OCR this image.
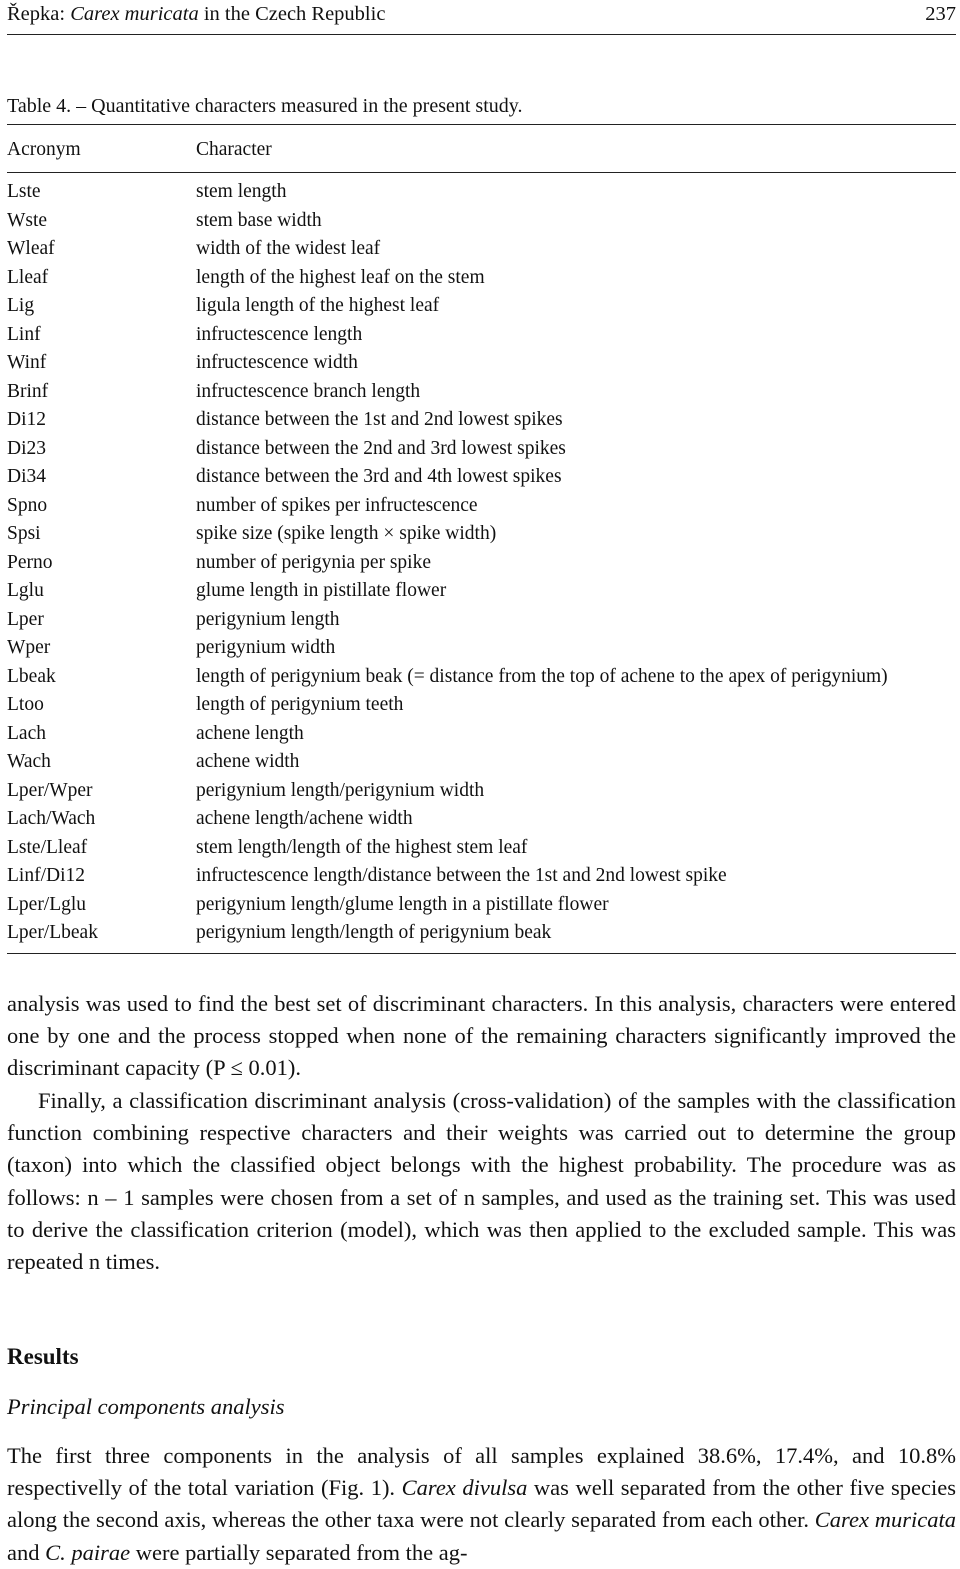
Řepka: Carex muricata in the Czech Republic	237
Table 4. – Quantitative characters measured in the present study.
Acronym	Character
Lste	stem length
Wste	stem base width
Wleaf	width of the widest leaf
Lleaf	length of the highest leaf on the stem
Lig	ligula length of the highest leaf
Linf	infructescence length
Winf	infructescence width
Brinf	infructescence branch length
Di12	distance between the 1st and 2nd lowest spikes
Di23	distance between the 2nd and 3rd lowest spikes
Di34	distance between the 3rd and 4th lowest spikes
Spno	number of spikes per infructescence
Spsi	spike size (spike length × spike width)
Perno	number of perigynia per spike
Lglu	glume length in pistillate flower
Lper	perigynium length
Wper	perigynium width
Lbeak	length of perigynium beak (= distance from the top of achene to the apex of perigynium)
Ltoo	length of perigynium teeth
Lach	achene length
Wach	achene width
Lper/Wper	perigynium length/perigynium width
Lach/Wach	achene length/achene width
Lste/Lleaf	stem length/length of the highest stem leaf
Linf/Di12	infructescence length/distance between the 1st and 2nd lowest spike
Lper/Lglu	perigynium length/glume length in a pistillate flower
Lper/Lbeak	perigynium length/length of perigynium beak
analysis was used to find the best set of discriminant characters. In this analysis, characters were entered one by one and the process stopped when none of the remaining characters significantly improved the discriminant capacity (P ≤ 0.01).
Finally, a classification discriminant analysis (cross-validation) of the samples with the classification function combining respective characters and their weights was carried out to determine the group (taxon) into which the classified object belongs with the highest probability. The procedure was as follows: n – 1 samples were chosen from a set of n samples, and used as the training set. This was used to derive the classification criterion (model), which was then applied to the excluded sample. This was repeated n times.
Results
Principal components analysis
The first three components in the analysis of all samples explained 38.6%, 17.4%, and 10.8% respectivelly of the total variation (Fig. 1). Carex divulsa was well separated from the other five species along the second axis, whereas the other taxa were not clearly separated from each other. Carex muricata and C. pairae were partially separated from the ag-
